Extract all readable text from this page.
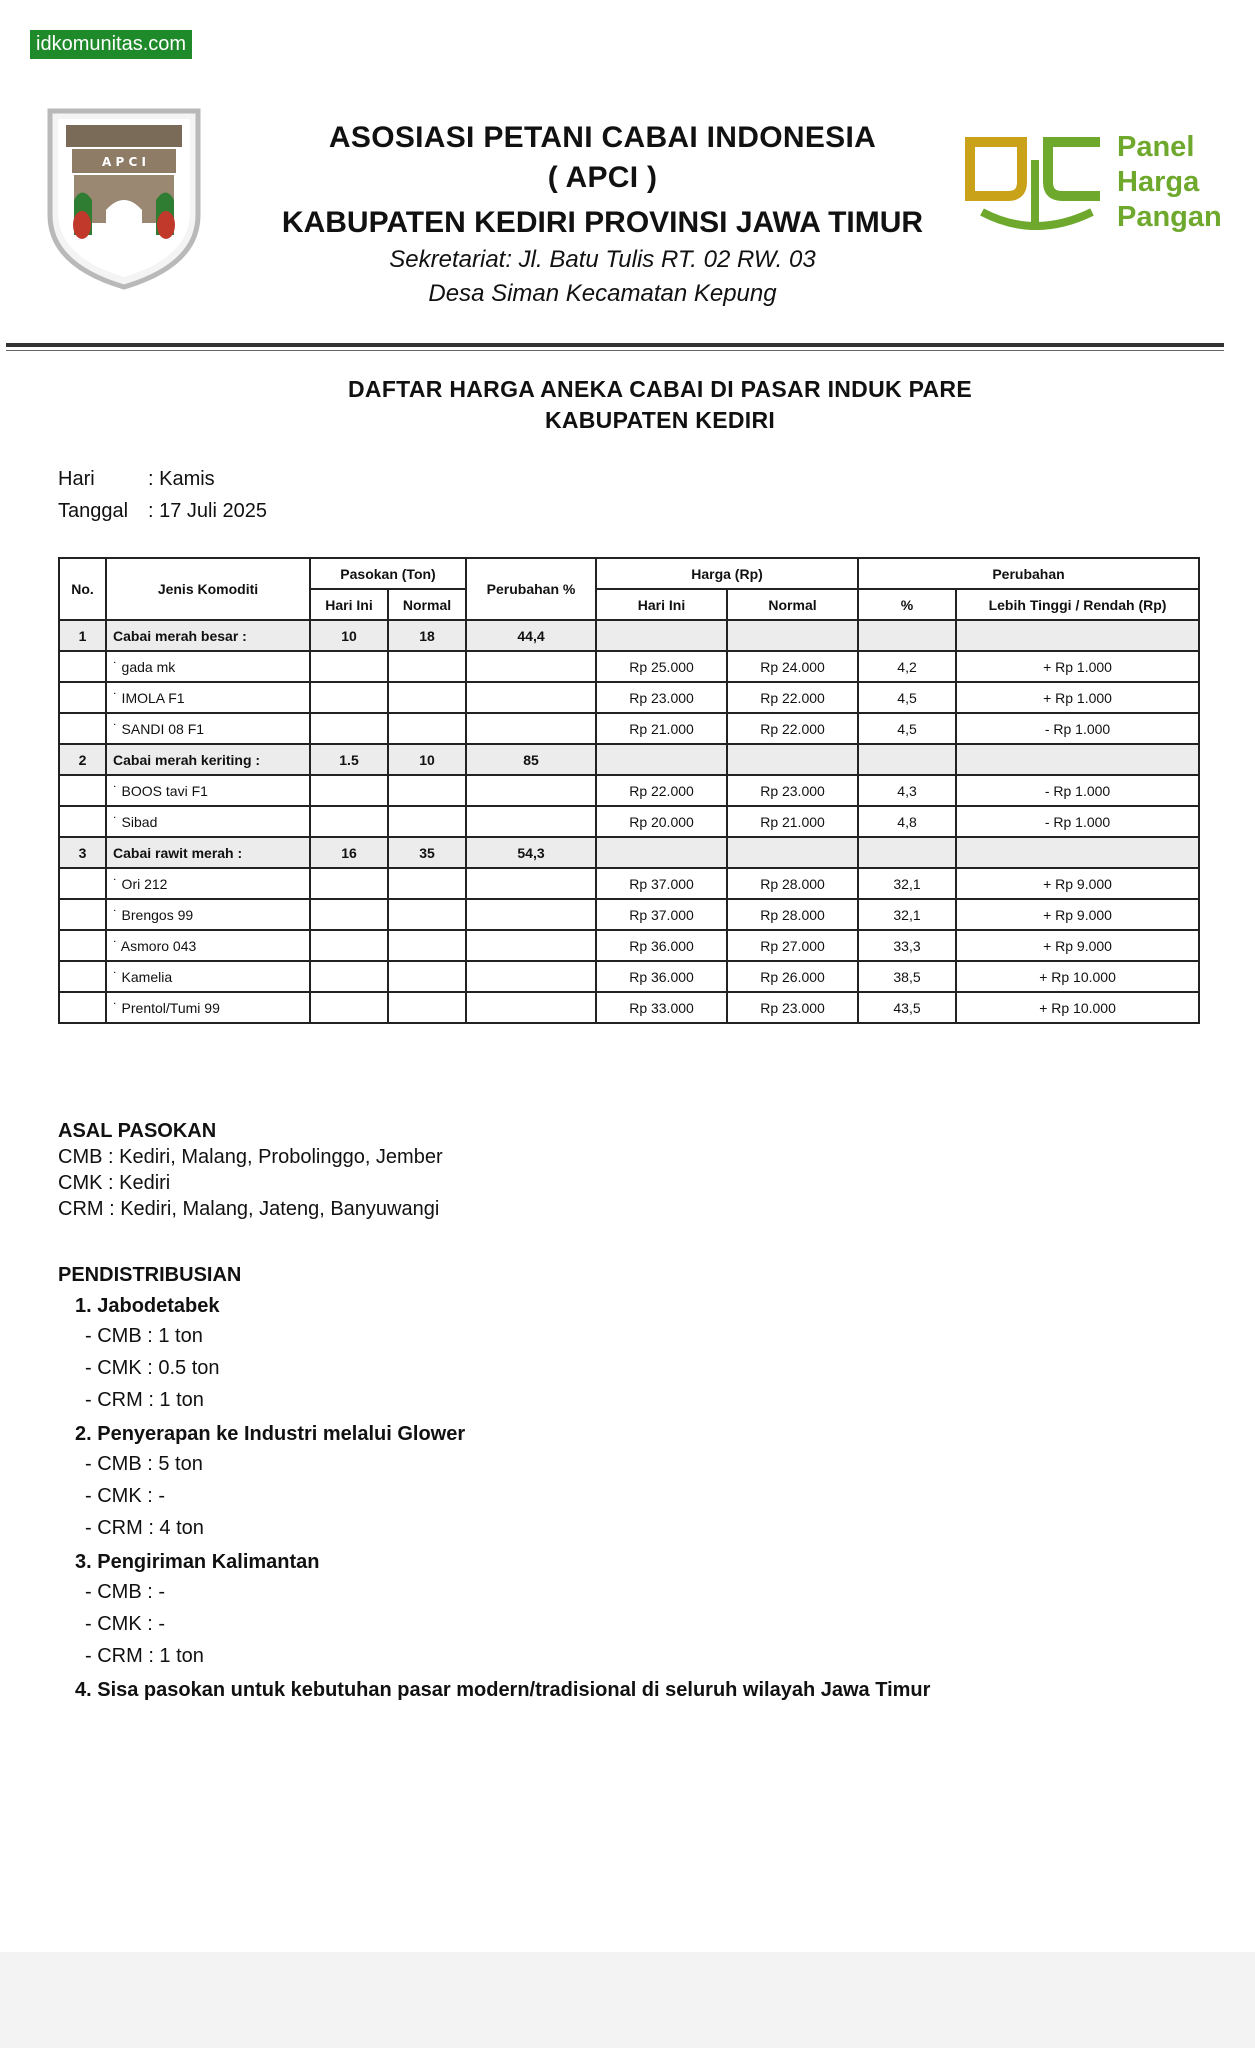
idkomunitas.com
A P C I
ASOSIASI PETANI CABAI INDONESIA
( APCI )
KABUPATEN KEDIRI PROVINSI JAWA TIMUR
Sekretariat: Jl. Batu Tulis RT. 02 RW. 03
Desa Siman Kecamatan Kepung
Panel
Harga
Pangan
DAFTAR HARGA ANEKA CABAI DI PASAR INDUK PARE
KABUPATEN KEDIRI
Hari	: Kamis
Tanggal : 17 Juli 2025
No.	Jenis Komoditi	Pasokan (Ton)		Perubahan %	Harga (Rp)		Perubahan	
		Hari Ini	Normal		Hari Ini	Normal	%	Lebih Tinggi / Rendah (Rp)
1	Cabai merah besar :	10	18	44,4				
	˙ gada mk				Rp 25.000	Rp 24.000	4,2	+ Rp 1.000
	˙ IMOLA F1				Rp 23.000	Rp 22.000	4,5	+ Rp 1.000
	˙ SANDI 08 F1				Rp 21.000	Rp 22.000	4,5	- Rp 1.000
2	Cabai merah keriting :	1.5	10	85				
	˙ BOOS tavi F1				Rp 22.000	Rp 23.000	4,3	- Rp 1.000
	˙ Sibad				Rp 20.000	Rp 21.000	4,8	- Rp 1.000
3	Cabai rawit merah :	16	35	54,3				
	˙ Ori 212				Rp 37.000	Rp 28.000	32,1	+ Rp 9.000
	˙ Brengos 99				Rp 37.000	Rp 28.000	32,1	+ Rp 9.000
	˙ Asmoro 043				Rp 36.000	Rp 27.000	33,3	+ Rp 9.000
	˙ Kamelia				Rp 36.000	Rp 26.000	38,5	+ Rp 10.000
	˙ Prentol/Tumi 99				Rp 33.000	Rp 23.000	43,5	+ Rp 10.000
ASAL PASOKAN
CMB : Kediri, Malang, Probolinggo, Jember
CMK : Kediri
CRM : Kediri, Malang, Jateng, Banyuwangi
PENDISTRIBUSIAN
1. Jabodetabek
- CMB : 1 ton
- CMK : 0.5 ton
- CRM : 1 ton
2. Penyerapan ke Industri melalui Glower
- CMB : 5 ton
- CMK : -
- CRM : 4 ton
3. Pengiriman Kalimantan
- CMB : -
- CMK : -
- CRM : 1 ton
4. Sisa pasokan untuk kebutuhan pasar modern/tradisional di seluruh wilayah Jawa Timur
